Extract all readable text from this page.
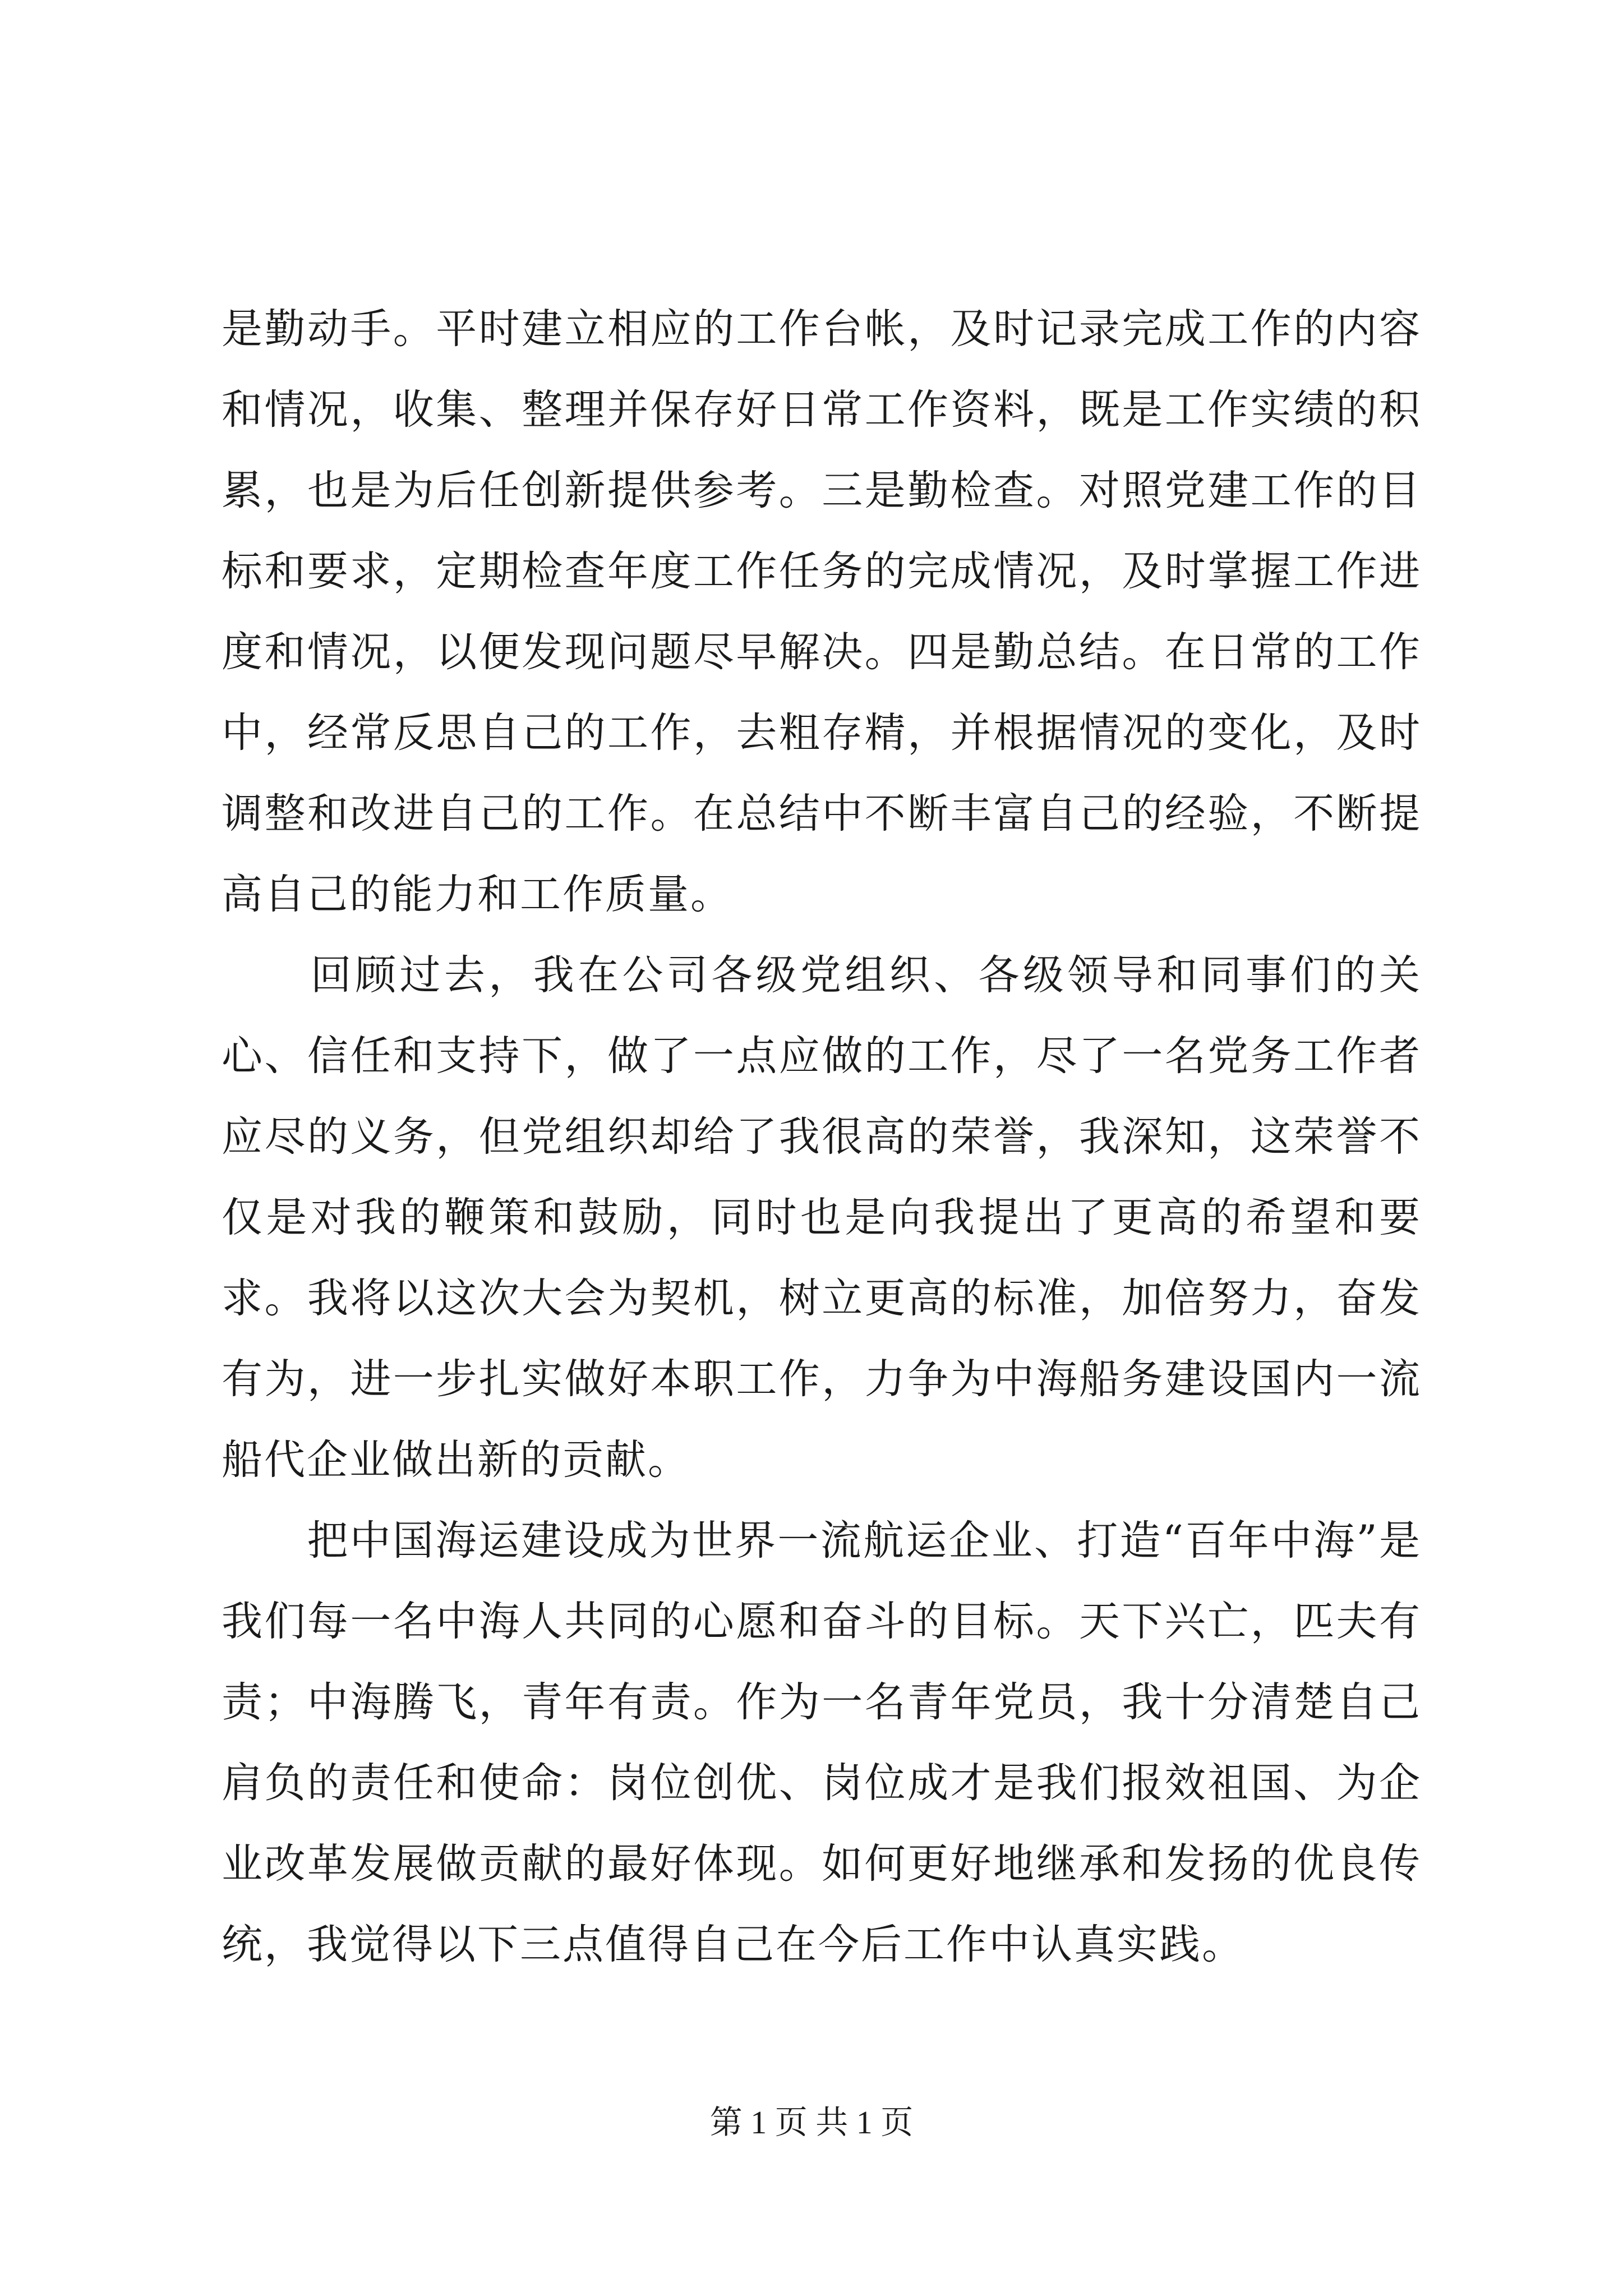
是勤动手。平时建立相应的工作台帐，及时记录完成工作的内容和情况，收集、整理并保存好日常工作资料，既是工作实绩的积累，也是为后任创新提供参考。三是勤检查。对照党建工作的目标和要求，定期检查年度工作任务的完成情况，及时掌握工作进度和情况，以便发现问题尽早解决。四是勤总结。在日常的工作中，经常反思自己的工作，去粗存精，并根据情况的变化，及时调整和改进自己的工作。在总结中不断丰富自己的经验，不断提高自己的能力和工作质量。

　　回顾过去，我在公司各级党组织、各级领导和同事们的关心、信任和支持下，做了一点应做的工作，尽了一名党务工作者应尽的义务，但党组织却给了我很高的荣誉，我深知，这荣誉不仅是对我的鞭策和鼓励，同时也是向我提出了更高的希望和要求。我将以这次大会为契机，树立更高的标准，加倍努力，奋发有为，进一步扎实做好本职工作，力争为中海船务建设国内一流船代企业做出新的贡献。

　　把中国海运建设成为世界一流航运企业、打造“百年中海”是我们每一名中海人共同的心愿和奋斗的目标。天下兴亡，匹夫有责；中海腾飞，青年有责。作为一名青年党员，我十分清楚自己肩负的责任和使命：岗位创优、岗位成才是我们报效祖国、为企业改革发展做贡献的最好体现。如何更好地继承和发扬的优良传统，我觉得以下三点值得自己在今后工作中认真实践。

第 1 页 共 1 页
